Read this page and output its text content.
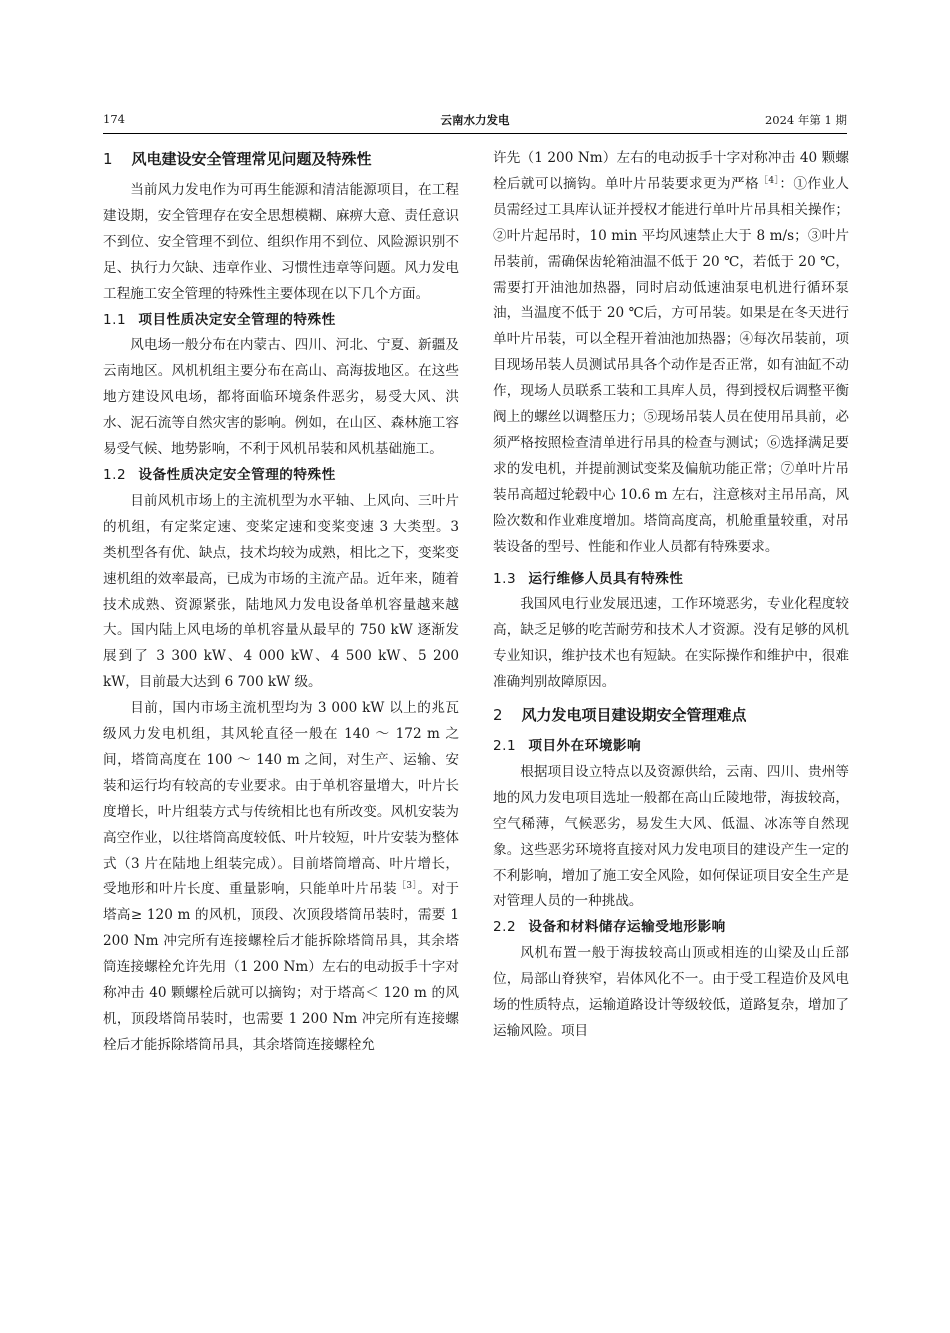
174	云南水力发电	2024 年第 1 期
1 风电建设安全管理常见问题及特殊性

当前风力发电作为可再生能源和清洁能源项目，在工程建设期，安全管理存在安全思想模糊、麻痹大意、责任意识不到位、安全管理不到位、组织作用不到位、风险源识别不足、执行力欠缺、违章作业、习惯性违章等问题。风力发电工程施工安全管理的特殊性主要体现在以下几个方面。

1.1 项目性质决定安全管理的特殊性

风电场一般分布在内蒙古、四川、河北、宁夏、新疆及云南地区。风机机组主要分布在高山、高海拔地区。在这些地方建设风电场，都将面临环境条件恶劣，易受大风、洪水、泥石流等自然灾害的影响。例如，在山区、森林施工容易受气候、地势影响，不利于风机吊装和风机基础施工。

1.2 设备性质决定安全管理的特殊性

目前风机市场上的主流机型为水平轴、上风向、三叶片的机组，有定桨定速、变桨定速和变桨变速 3 大类型。3 类机型各有优、缺点，技术均较为成熟，相比之下，变桨变速机组的效率最高，已成为市场的主流产品。近年来，随着技术成熟、资源紧张，陆地风力发电设备单机容量越来越大。国内陆上风电场的单机容量从最早的 750 kW 逐渐发展到了 3 300 kW、4 000 kW、4 500 kW、5 200 kW，目前最大达到 6 700 kW 级。

目前，国内市场主流机型均为 3 000 kW 以上的兆瓦级风力发电机组，其风轮直径一般在 140 ～ 172 m 之间，塔筒高度在 100 ～ 140 m 之间，对生产、运输、安装和运行均有较高的专业要求。由于单机容量增大，叶片长度增长，叶片组装方式与传统相比也有所改变。风机安装为高空作业，以往塔筒高度较低、叶片较短，叶片安装为整体式（3 片在陆地上组装完成）。目前塔筒增高、叶片增长，受地形和叶片长度、重量影响，只能单叶片吊装$^{[3]}$。对于塔高≥ 120 m 的风机，顶段、次顶段塔筒吊装时，需要 1 200 Nm 冲完所有连接螺栓后才能拆除塔筒吊具，其余塔筒连接螺栓允许先用（1 200 Nm）左右的电动扳手十字对称冲击 40 颗螺栓后就可以摘钩；对于塔高＜ 120 m 的风机，顶段塔筒吊装时，也需要 1 200 Nm 冲完所有连接螺栓后才能拆除塔筒吊具，其余塔筒连接螺栓允

许先（1 200 Nm）左右的电动扳手十字对称冲击 40 颗螺栓后就可以摘钩。单叶片吊装要求更为严格$^{[4]}$：①作业人员需经过工具库认证并授权才能进行单叶片吊具相关操作；②叶片起吊时，10 min 平均风速禁止大于 8 m/s；③叶片吊装前，需确保齿轮箱油温不低于 20 ℃，若低于 20 ℃，需要打开油池加热器，同时启动低速油泵电机进行循环泵油，当温度不低于 20 ℃后，方可吊装。如果是在冬天进行单叶片吊装，可以全程开着油池加热器；④每次吊装前，项目现场吊装人员测试吊具各个动作是否正常，如有油缸不动作，现场人员联系工装和工具库人员，得到授权后调整平衡阀上的螺丝以调整压力；⑤现场吊装人员在使用吊具前，必须严格按照检查清单进行吊具的检查与测试；⑥选择满足要求的发电机，并提前测试变桨及偏航功能正常；⑦单叶片吊装吊高超过轮毂中心 10.6 m 左右，注意核对主吊吊高，风险次数和作业难度增加。塔筒高度高，机舱重量较重，对吊装设备的型号、性能和作业人员都有特殊要求。

1.3 运行维修人员具有特殊性

我国风电行业发展迅速，工作环境恶劣，专业化程度较高，缺乏足够的吃苦耐劳和技术人才资源。没有足够的风机专业知识，维护技术也有短缺。在实际操作和维护中，很难准确判别故障原因。

2 风力发电项目建设期安全管理难点
2.1 项目外在环境影响

根据项目设立特点以及资源供给，云南、四川、贵州等地的风力发电项目选址一般都在高山丘陵地带，海拔较高，空气稀薄，气候恶劣，易发生大风、低温、冰冻等自然现象。这些恶劣环境将直接对风力发电项目的建设产生一定的不利影响，增加了施工安全风险，如何保证项目安全生产是对管理人员的一种挑战。

2.2 设备和材料储存运输受地形影响

风机布置一般于海拔较高山顶或相连的山梁及山丘部位，局部山脊狭窄，岩体风化不一。由于受工程造价及风电场的性质特点，运输道路设计等级较低，道路复杂，增加了运输风险。项目
